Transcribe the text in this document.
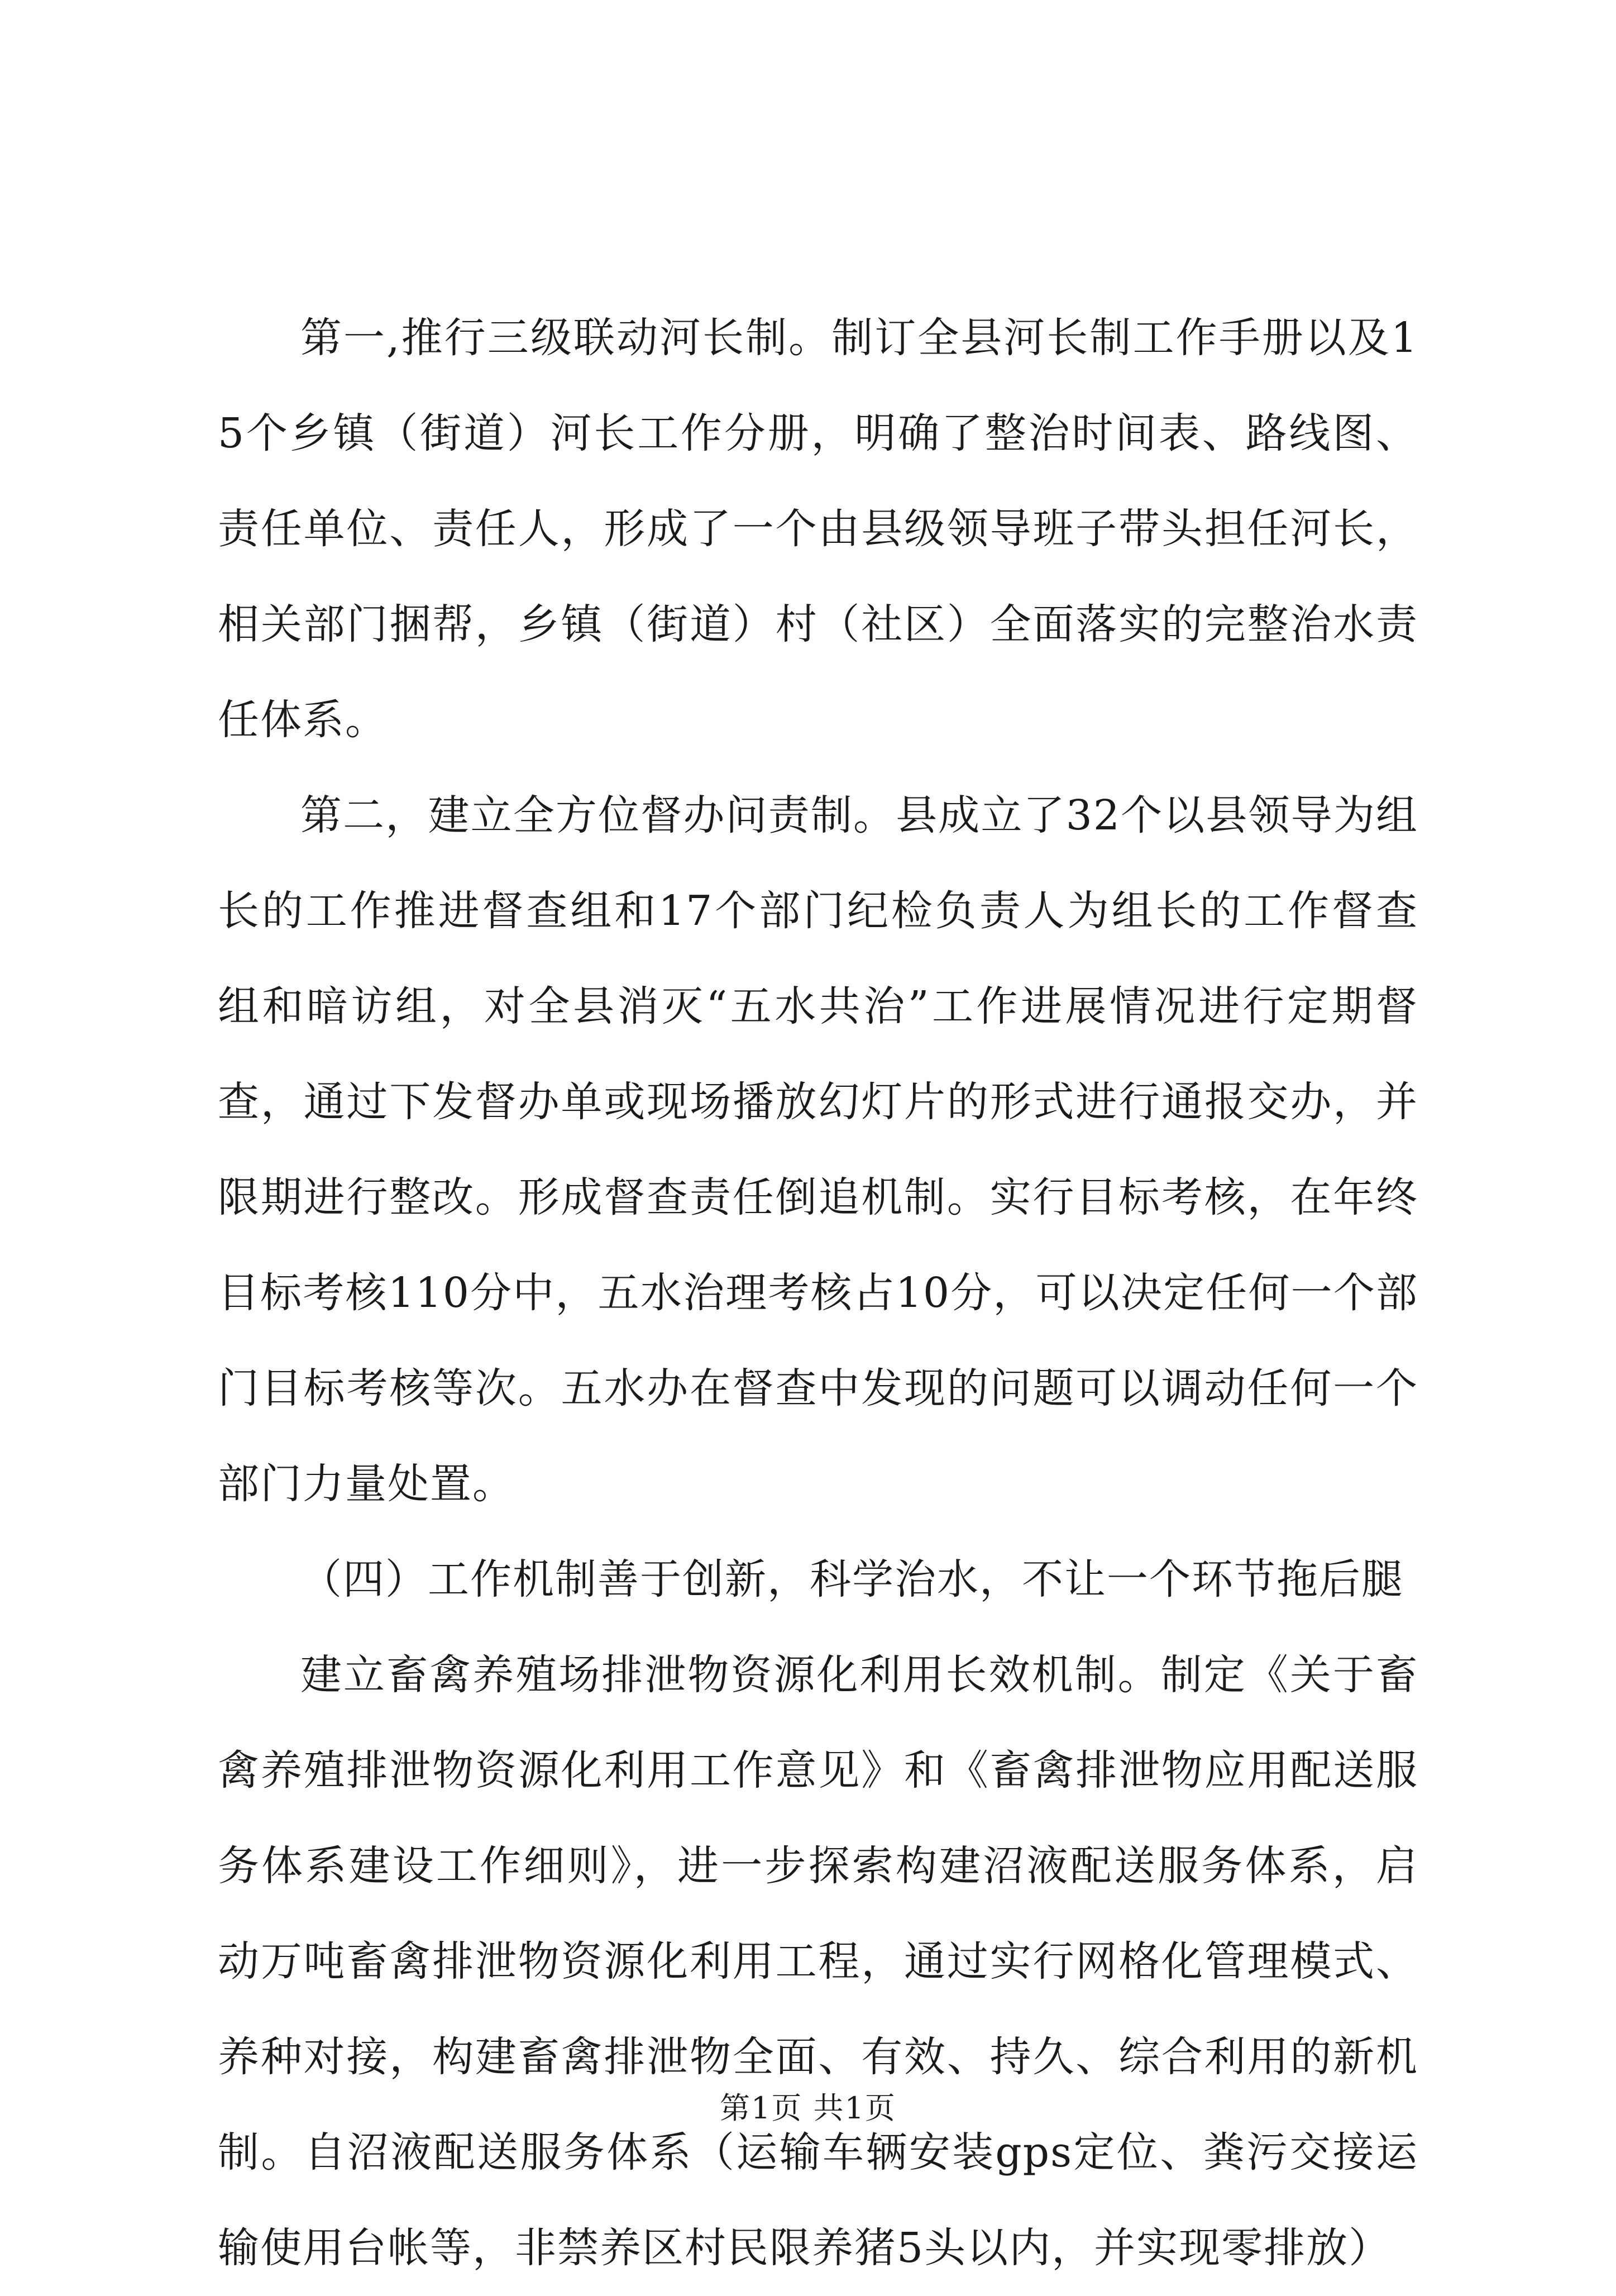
第一,推行三级联动河长制。制订全县河长制工作手册以及15个乡镇（街道）河长工作分册，明确了整治时间表、路线图、责任单位、责任人，形成了一个由县级领导班子带头担任河长，相关部门捆帮，乡镇（街道）村（社区）全面落实的完整治水责任体系。

第二，建立全方位督办问责制。县成立了32个以县领导为组长的工作推进督查组和17个部门纪检负责人为组长的工作督查组和暗访组，对全县消灭“五水共治”工作进展情况进行定期督查，通过下发督办单或现场播放幻灯片的形式进行通报交办，并限期进行整改。形成督查责任倒追机制。实行目标考核，在年终目标考核110分中，五水治理考核占10分，可以决定任何一个部门目标考核等次。五水办在督查中发现的问题可以调动任何一个部门力量处置。

（四）工作机制善于创新，科学治水，不让一个环节拖后腿

建立畜禽养殖场排泄物资源化利用长效机制。制定《关于畜禽养殖排泄物资源化利用工作意见》和《畜禽排泄物应用配送服务体系建设工作细则》，进一步探索构建沼液配送服务体系，启动万吨畜禽排泄物资源化利用工程，通过实行网格化管理模式、养种对接，构建畜禽排泄物全面、有效、持久、综合利用的新机制。自沼液配送服务体系（运输车辆安装gps定位、粪污交接运输使用台帐等，非禁养区村民限养猪5头以内，并实现零排放）

第1页 共1页
